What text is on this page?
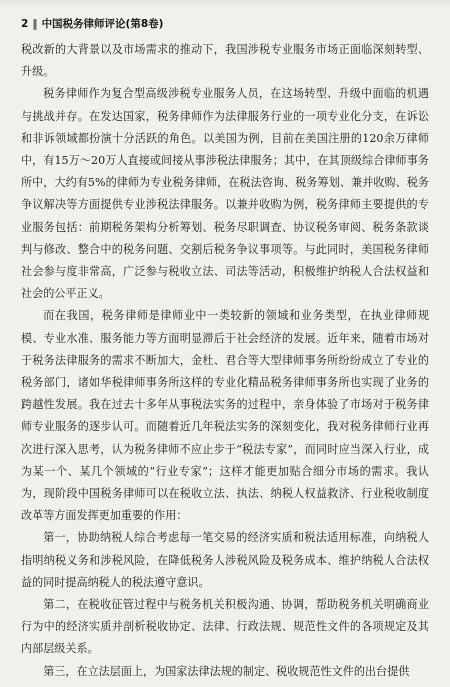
2 ‖ 中国税务律师评论(第8卷)

税改新的大背景以及市场需求的推动下，我国涉税专业服务市场正面临深刻转型、升级。

税务律师作为复合型高级涉税专业服务人员，在这场转型、升级中面临的机遇与挑战并存。在发达国家，税务律师作为法律服务行业的一项专业化分支，在诉讼和非诉领域都扮演十分活跃的角色。以美国为例，目前在美国注册的120余万律师中，有15万～20万人直接或间接从事涉税法律服务；其中，在其顶级综合律师事务所中，大约有5%的律师为专业税务律师，在税法咨询、税务筹划、兼并收购、税务争议解决等方面提供专业涉税法律服务。以兼并收购为例，税务律师主要提供的专业服务包括：前期税务架构分析筹划、税务尽职调查、协议税务审阅、税务条款谈判与修改、整合中的税务问题、交割后税务争议事项等。与此同时，美国税务律师社会参与度非常高，广泛参与税收立法、司法等活动，积极维护纳税人合法权益和社会的公平正义。

而在我国，税务律师是律师业中一类较新的领域和业务类型，在执业律师规模、专业水准、服务能力等方面明显滞后于社会经济的发展。近年来，随着市场对于税务法律服务的需求不断加大，金杜、君合等大型律师事务所纷纷成立了专业的税务部门，诸如华税律师事务所这样的专业化精品税务律师事务所也实现了业务的跨越性发展。我在过去十多年从事税法实务的过程中，亲身体验了市场对于税务律师专业服务的逐步认可。而随着近几年税法实务的深刻变化，我对税务律师行业再次进行深入思考，认为税务律师不应止步于“税法专家”，而同时应当深入行业，成为某一个、某几个领域的“行业专家”；这样才能更加贴合细分市场的需求。我认为，现阶段中国税务律师可以在税收立法、执法、纳税人权益救济、行业税收制度改革等方面发挥更加重要的作用：

第一，协助纳税人综合考虑每一笔交易的经济实质和税法适用标准，向纳税人指明纳税义务和涉税风险，在降低税务人涉税风险及税务成本、维护纳税人合法权益的同时提高纳税人的税法遵守意识。

第二，在税收征管过程中与税务机关积极沟通、协调，帮助税务机关明确商业行为中的经济实质并剖析税收协定、法律、行政法规、规范性文件的各项规定及其内部层级关系。

第三，在立法层面上，为国家法律法规的制定、税收规范性文件的出台提供
